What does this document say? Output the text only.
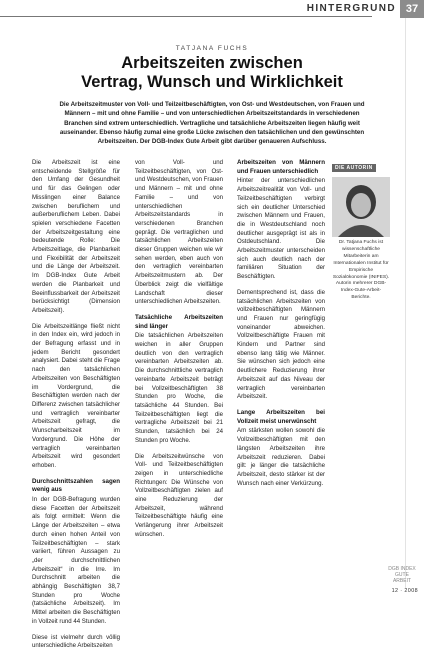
HINTERGRUND 37
TATJANA FUCHS
Arbeitszeiten zwischen
Vertrag, Wunsch und Wirklichkeit
Die Arbeitszeitmuster von Voll- und Teilzeitbeschäftigten, von Ost- und Westdeutschen, von Frauen und Männern – mit und ohne Familie – und von unterschiedlichen Arbeitszeitstandards in verschiedenen Branchen sind extrem unterschiedlich. Vertragliche und tatsächliche Arbeitszeiten liegen häufig weit auseinander. Ebenso häufig zumal eine große Lücke zwischen den tatsächlichen und den gewünschten Arbeitszeiten. Der DGB-Index Gute Arbeit gibt darüber genaueren Aufschluss.

Die Arbeitszeit ist eine entscheidende Stellgröße für den Umfang der Gesundheit und für das Gelingen oder Misslingen einer Balance zwischen beruflichem und außerberuflichem Leben. Dabei spielen verschiedene Facetten der Arbeitszeitgestaltung eine bedeutende Rolle: Die Arbeitszeitlage, die Planbarkeit und Flexibilität der Arbeitszeit und die Länge der Arbeitszeit. Im DGB-Index Gute Arbeit werden die Planbarkeit und Beeinflussbarkeit der Arbeitszeit berücksichtigt (Dimension Arbeitszeit).

Die Arbeitszeitlänge fließt nicht in den Index ein, wird jedoch in der Befragung erfasst und in jedem Bericht gesondert analysiert. Dabei steht die Frage nach den tatsächlichen Arbeitszeiten von Beschäftigten im Vordergrund, die Beschäftigten werden nach der Differenz zwischen tatsächlicher und vertraglich vereinbarter Arbeitszeit gefragt, die Wunscharbeitszeit im Vordergrund. Die Höhe der vertraglich vereinbarten Arbeitszeit wird gesondert erhoben.

Durchschnittszahlen sagen wenig aus

In der DGB-Befragung wurden diese Facetten der Arbeitszeit als folgt ermittelt: Wenn die Länge der Arbeitszeiten – etwa durch einen hohen Anteil von Teilzeitbeschäftigten – stark variiert, führen Aussagen zu „der durchschnittlichen Arbeitszeit“ in die Irre. Im Durchschnitt arbeiten die abhängig Beschäftigten 38,7 Stunden pro Woche (tatsächliche Arbeitszeit). Im Mittel arbeiten die Beschäftigten in Vollzeit rund 44 Stunden.

Diese ist vielmehr durch völlig unterschiedliche Arbeitszeiten

von Voll- und Teilzeitbeschäftigten, von Ost- und Westdeutschen, von Frauen und Männern – mit und ohne Familie – und von unterschiedlichen Arbeitszeitstandards in verschiedenen Branchen geprägt. Die vertraglichen und tatsächlichen Arbeitszeiten dieser Gruppen weichen wie wir sehen werden, eben auch von den vertraglich vereinbarten Arbeitszeitmustern ab. Der Überblick zeigt die vielfältige Landschaft dieser unterschiedlichen Arbeitszeiten.

Tatsächliche Arbeitszeiten sind länger

Die tatsächlichen Arbeitszeiten weichen in aller Gruppen deutlich von den vertraglich vereinbarten Arbeitszeiten ab. Die durchschnittliche vertraglich vereinbarte Arbeitszeit beträgt bei Vollzeitbeschäftigten 38 Stunden pro Woche, die tatsächliche 44 Stunden. Bei Teilzeitbeschäftigten liegt die vertragliche Arbeitszeit bei 21 Stunden, tatsächlich bei 24 Stunden pro Woche.

Die Arbeitszeitwünsche von Voll- und Teilzeitbeschäftigten zeigen in unterschiedliche Richtungen: Die Wünsche von Vollzeitbeschäftigten zielen auf eine Reduzierung der Arbeitszeit, während Teilzeitbeschäftigte häufig eine Verlängerung ihrer Arbeitszeit wünschen.

Arbeitszeiten von Männern und Frauen unterschiedlich

Hinter der unterschiedlichen Arbeitszeitrealität von Voll- und Teilzeitbeschäftigten verbirgt sich ein deutlicher Unterschied zwischen Männern und Frauen, die in Westdeutschland noch deutlicher ausgeprägt ist als in Ostdeutschland. Die Arbeitszeitmuster unterscheiden sich auch deutlich nach der familiären Situation der Beschäftigten.

Dementsprechend ist, dass die tatsächlichen Arbeitszeiten von vollzeitbeschäftigten Männern und Frauen nur geringfügig voneinander abweichen. Vollzeitbeschäftigte Frauen mit Kindern und Partner sind ebenso lang tätig wie Männer. Sie wünschen sich jedoch eine deutlichere Reduzierung ihrer Arbeitszeit auf das Niveau der vertraglich vereinbarten Arbeitszeit.

Lange Arbeitszeiten bei Vollzeit meist unerwünscht

Am stärksten wollen sowohl die Vollzeitbeschäftigten mit den längsten Arbeitszeiten ihre Arbeitszeit reduzieren. Dabei gilt: je länger die tatsächliche Arbeitszeit, desto stärker ist der Wunsch nach einer Verkürzung.

DIE AUTORIN
Dr. Tatjana Fuchs ist wissenschaftliche Mitarbeiterin am Internationalen Institut für Empirische Sozialökonomie (INIFES). Autorin mehrerer DGB-Index-Gute-Arbeit-Berichte.
DGB INDEX GUTE ARBEIT
12 · 2008
